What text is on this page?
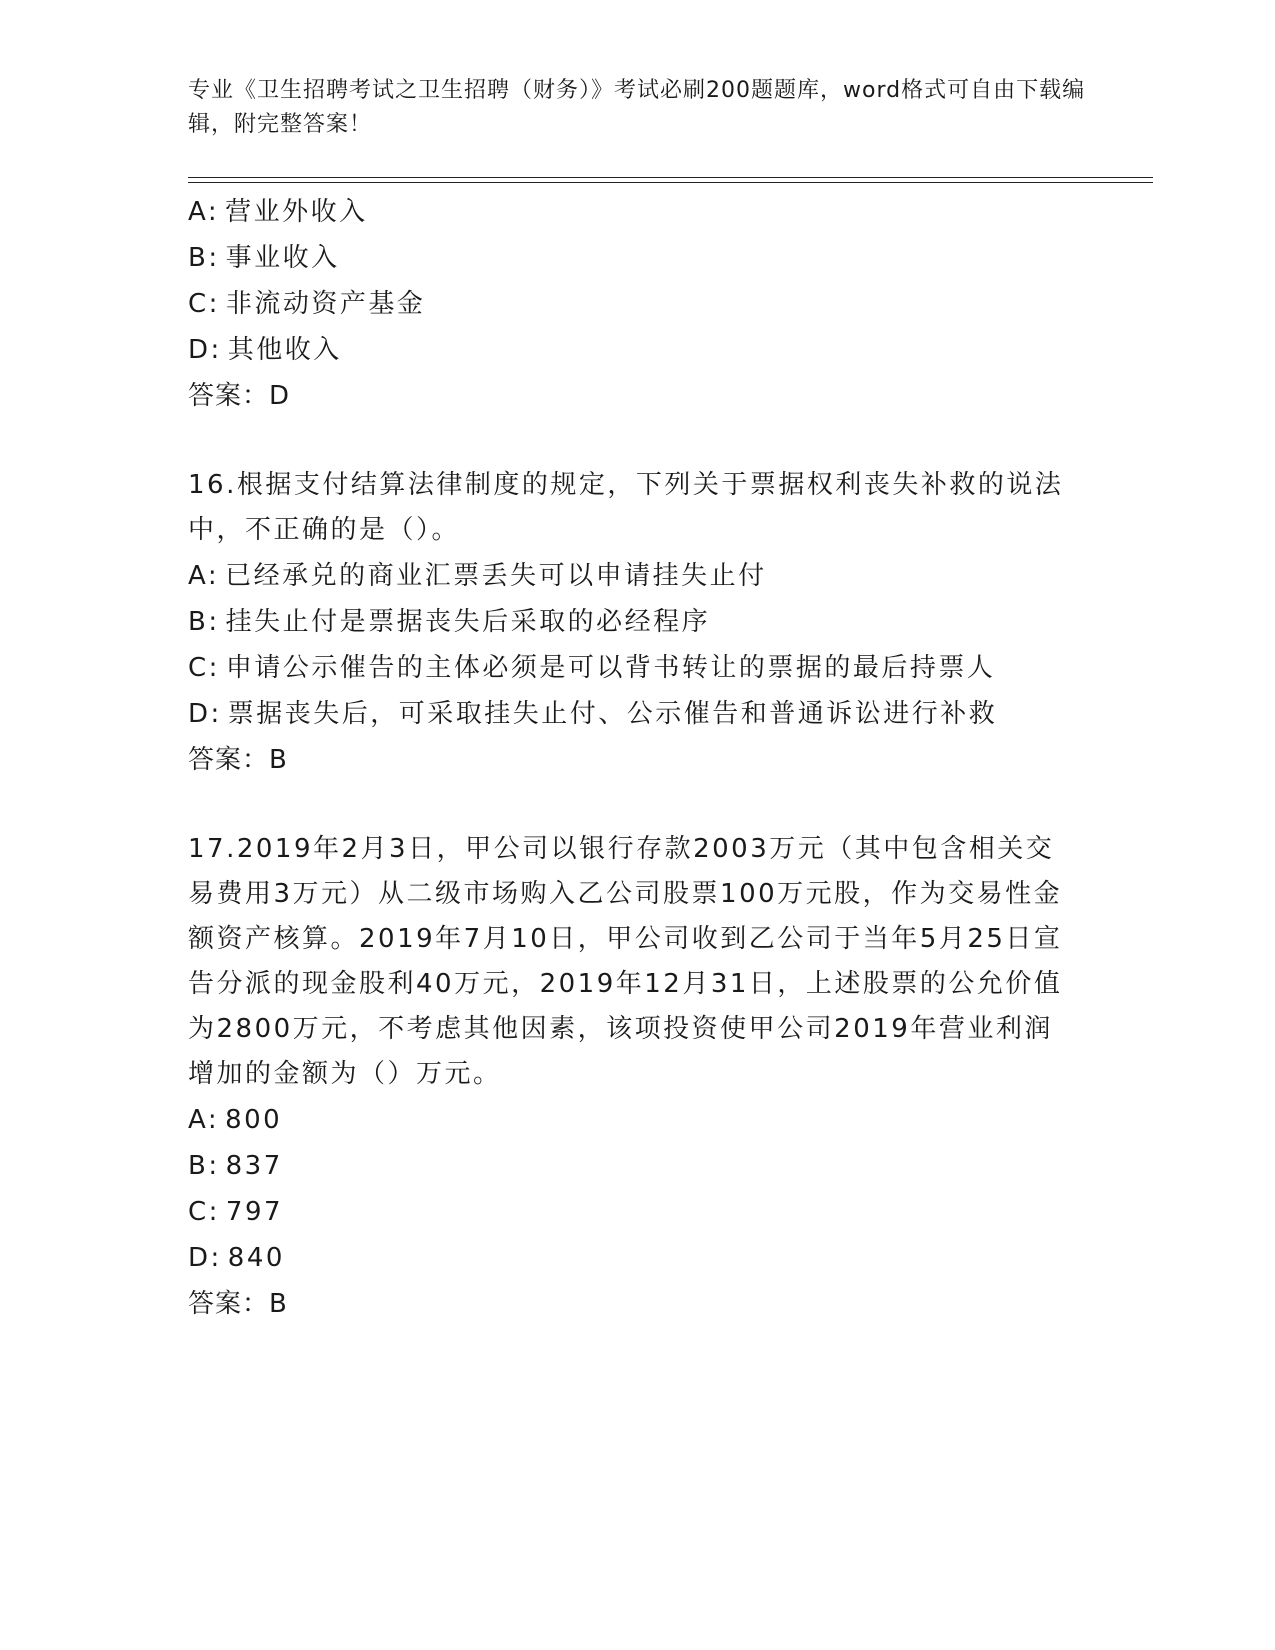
专业《卫生招聘考试之卫生招聘（财务）》考试必刷200题题库，word格式可自由下载编辑，附完整答案！
A: 营业外收入
B: 事业收入
C: 非流动资产基金
D: 其他收入
答案：D
16.根据支付结算法律制度的规定，下列关于票据权利丧失补救的说法中，不正确的是（）。
A: 已经承兑的商业汇票丢失可以申请挂失止付
B: 挂失止付是票据丧失后采取的必经程序
C: 申请公示催告的主体必须是可以背书转让的票据的最后持票人
D: 票据丧失后，可采取挂失止付、公示催告和普通诉讼进行补救
答案：B
17.2019年2月3日，甲公司以银行存款2003万元（其中包含相关交易费用3万元）从二级市场购入乙公司股票100万元股，作为交易性金额资产核算。2019年7月10日，甲公司收到乙公司于当年5月25日宣告分派的现金股利40万元，2019年12月31日，上述股票的公允价值为2800万元，不考虑其他因素，该项投资使甲公司2019年营业利润增加的金额为（）万元。
A: 800
B: 837
C: 797
D: 840
答案：B
